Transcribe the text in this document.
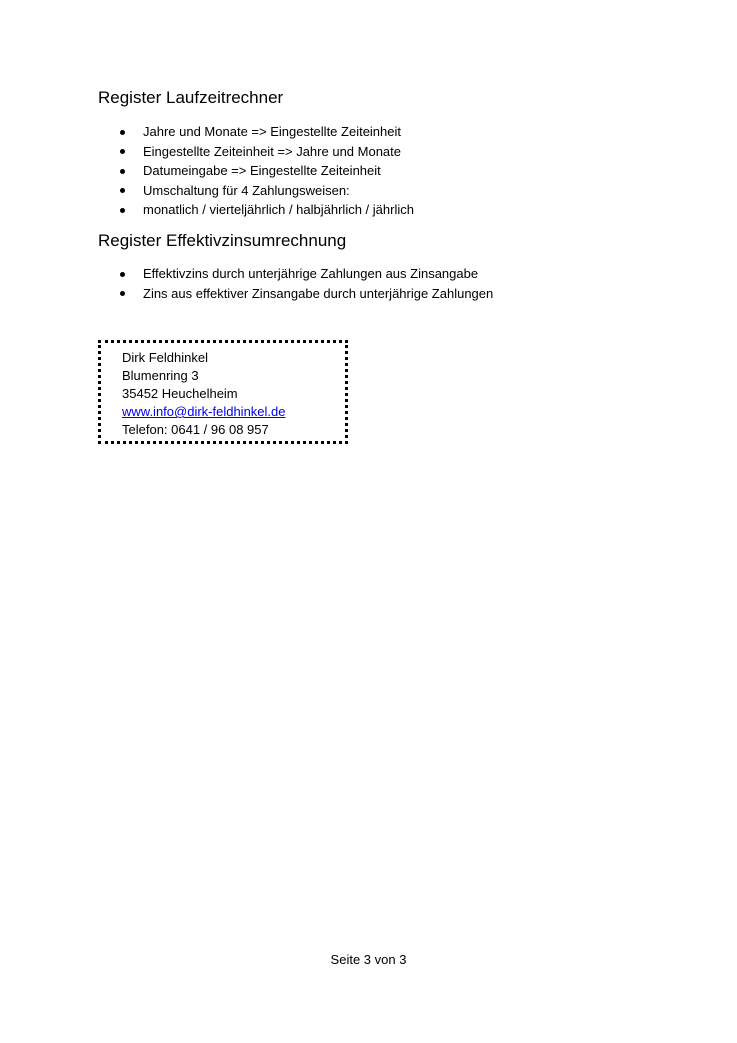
Register Laufzeitrechner
Jahre und Monate => Eingestellte Zeiteinheit
Eingestellte Zeiteinheit => Jahre und Monate
Datumeingabe => Eingestellte Zeiteinheit
Umschaltung für 4 Zahlungsweisen:
monatlich / vierteljährlich / halbjährlich / jährlich
Register Effektivzinsumrechnung
Effektivzins durch unterjährige Zahlungen aus Zinsangabe
Zins aus effektiver Zinsangabe durch unterjährige Zahlungen
Dirk Feldhinkel
Blumenring 3
35452 Heuchelheim
www.info@dirk-feldhinkel.de
Telefon: 0641 / 96 08 957
Seite 3 von 3
